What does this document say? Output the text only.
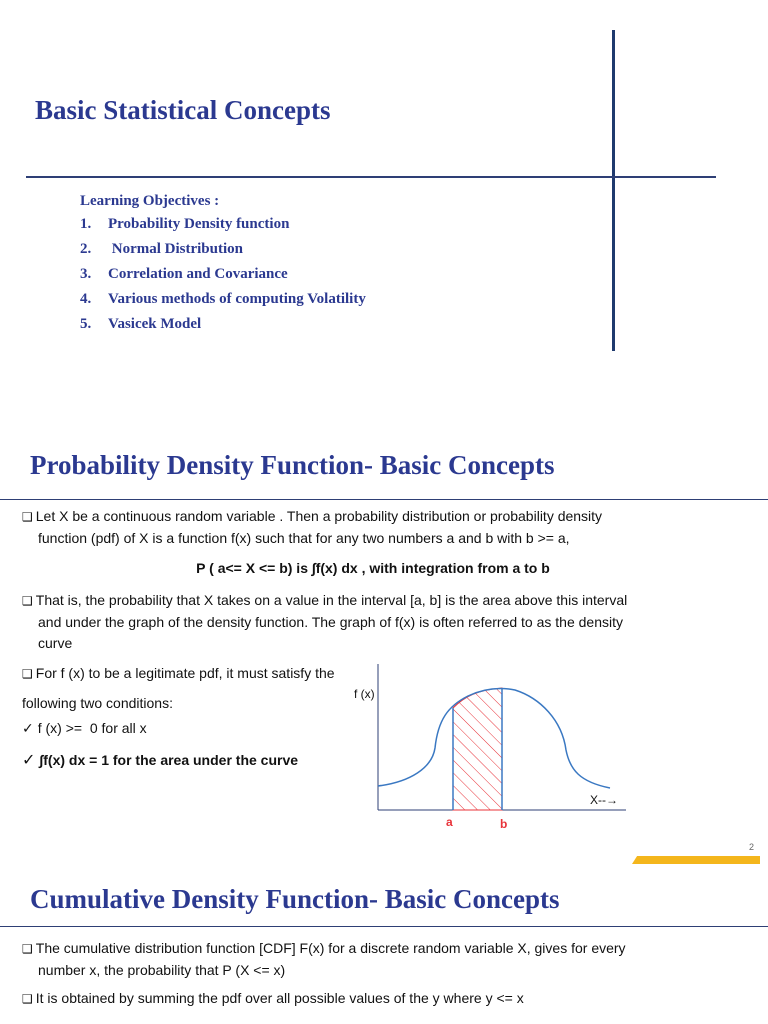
Basic Statistical Concepts
Learning Objectives :
1.	Probability Density function
2.	Normal Distribution
3.	Correlation and Covariance
4.	Various methods of computing Volatility
5.	Vasicek Model
Probability Density Function- Basic Concepts
❑ Let X be a continuous random variable . Then a probability distribution or probability density
function (pdf) of X is a function f(x) such that for any two numbers a and b with b >= a,
P ( a<= X <= b) is ∫f(x) dx , with integration from a to b
❑ That is, the probability that X takes on a value in the interval [a, b] is the area above this interval
and under the graph of the density function. The graph of f(x) is often referred to as the density
curve
❑ For f (x) to be a legitimate pdf, it must satisfy the
following two conditions:
✓ f (x) >=  0 for all x
✓ ∫f(x) dx = 1 for the area under the curve
f (x)
X--→
a	b
2
Cumulative Density Function- Basic Concepts
❑ The cumulative distribution function [CDF] F(x) for a discrete random variable X, gives for every
number x, the probability that P (X <= x)
❑ It is obtained by summing the pdf over all possible values of the y where y <= x
